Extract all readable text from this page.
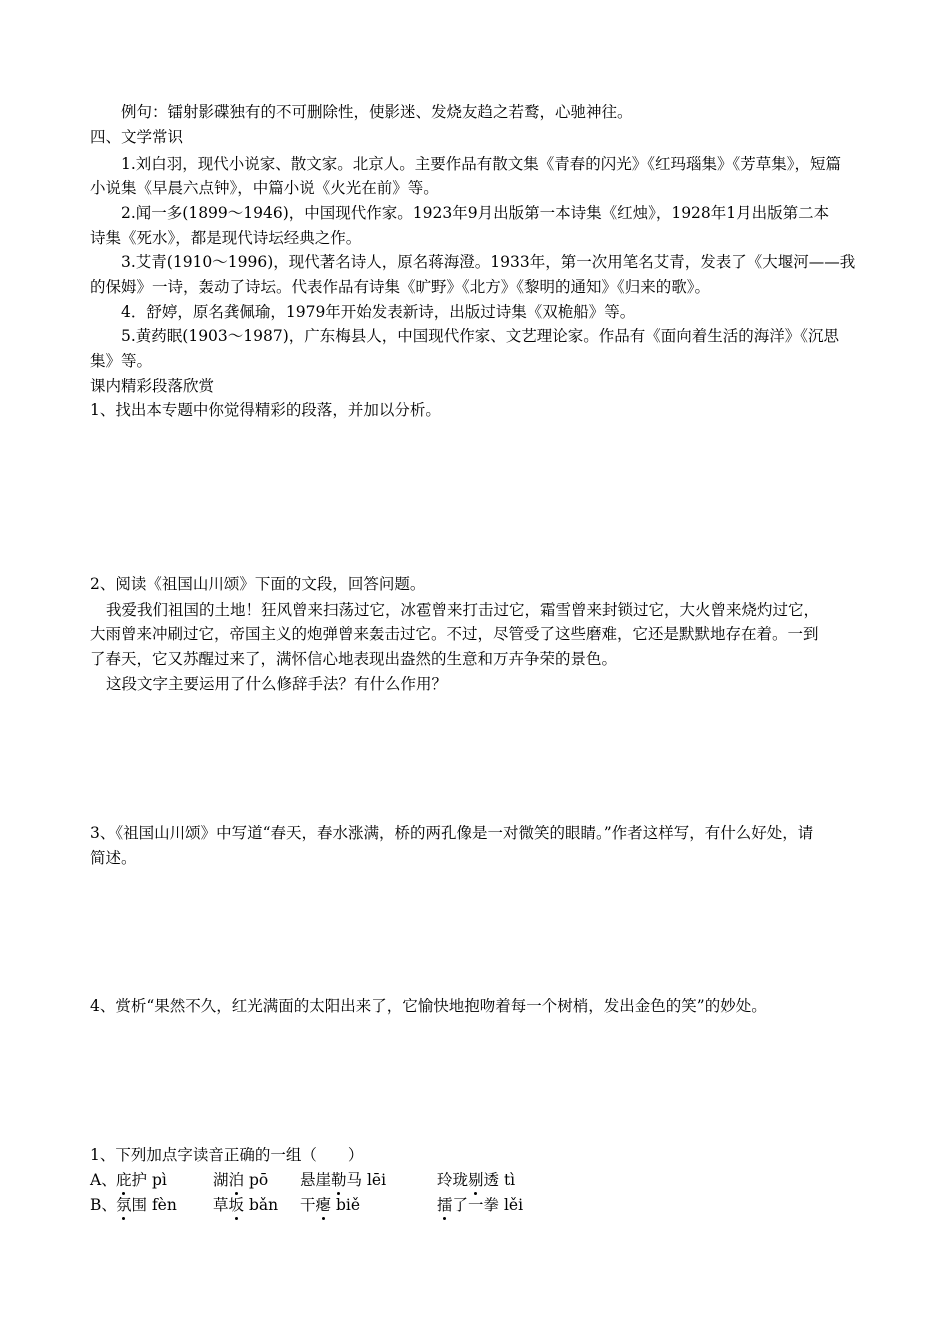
例句：镭射影碟独有的不可删除性，使影迷、发烧友趋之若鹜，心驰神往。
四、文学常识
1.刘白羽，现代小说家、散文家。北京人。主要作品有散文集《青春的闪光》《红玛瑙集》《芳草集》，短篇
小说集《早晨六点钟》，中篇小说《火光在前》等。
2.闻一多(1899～1946)，中国现代作家。1923年9月出版第一本诗集《红烛》，1928年1月出版第二本
诗集《死水》，都是现代诗坛经典之作。
3.艾青(1910～1996)，现代著名诗人，原名蒋海澄。1933年，第一次用笔名艾青，发表了《大堰河——我
的保姆》一诗，轰动了诗坛。代表作品有诗集《旷野》《北方》《黎明的通知》《归来的歌》。
4．舒婷，原名龚佩瑜，1979年开始发表新诗，出版过诗集《双桅船》等。
5.黄药眠(1903～1987)，广东梅县人，中国现代作家、文艺理论家。作品有《面向着生活的海洋》《沉思
集》等。
课内精彩段落欣赏
1、找出本专题中你觉得精彩的段落，并加以分析。
2、阅读《祖国山川颂》下面的文段，回答问题。
我爱我们祖国的土地！狂风曾来扫荡过它，冰雹曾来打击过它，霜雪曾来封锁过它，大火曾来烧灼过它，
大雨曾来冲刷过它，帝国主义的炮弹曾来轰击过它。不过，尽管受了这些磨难，它还是默默地存在着。一到
了春天，它又苏醒过来了，满怀信心地表现出盎然的生意和万卉争荣的景色。
这段文字主要运用了什么修辞手法？有什么作用？
3、《祖国山川颂》中写道“春天，春水涨满，桥的两孔像是一对微笑的眼睛。”作者这样写，有什么好处，请
简述。
4、赏析“果然不久，红光满面的太阳出来了，它愉快地抱吻着每一个树梢，发出金色的笑”的妙处。
1、下列加点字读音正确的一组（　　）
A、 庇护 pì	湖泊 pō 悬崖勒马 lēi	玲珑剔透 tì
B、 氛围 fèn 草坂 bǎn 干瘪 biě	擂了一拳 lěi
